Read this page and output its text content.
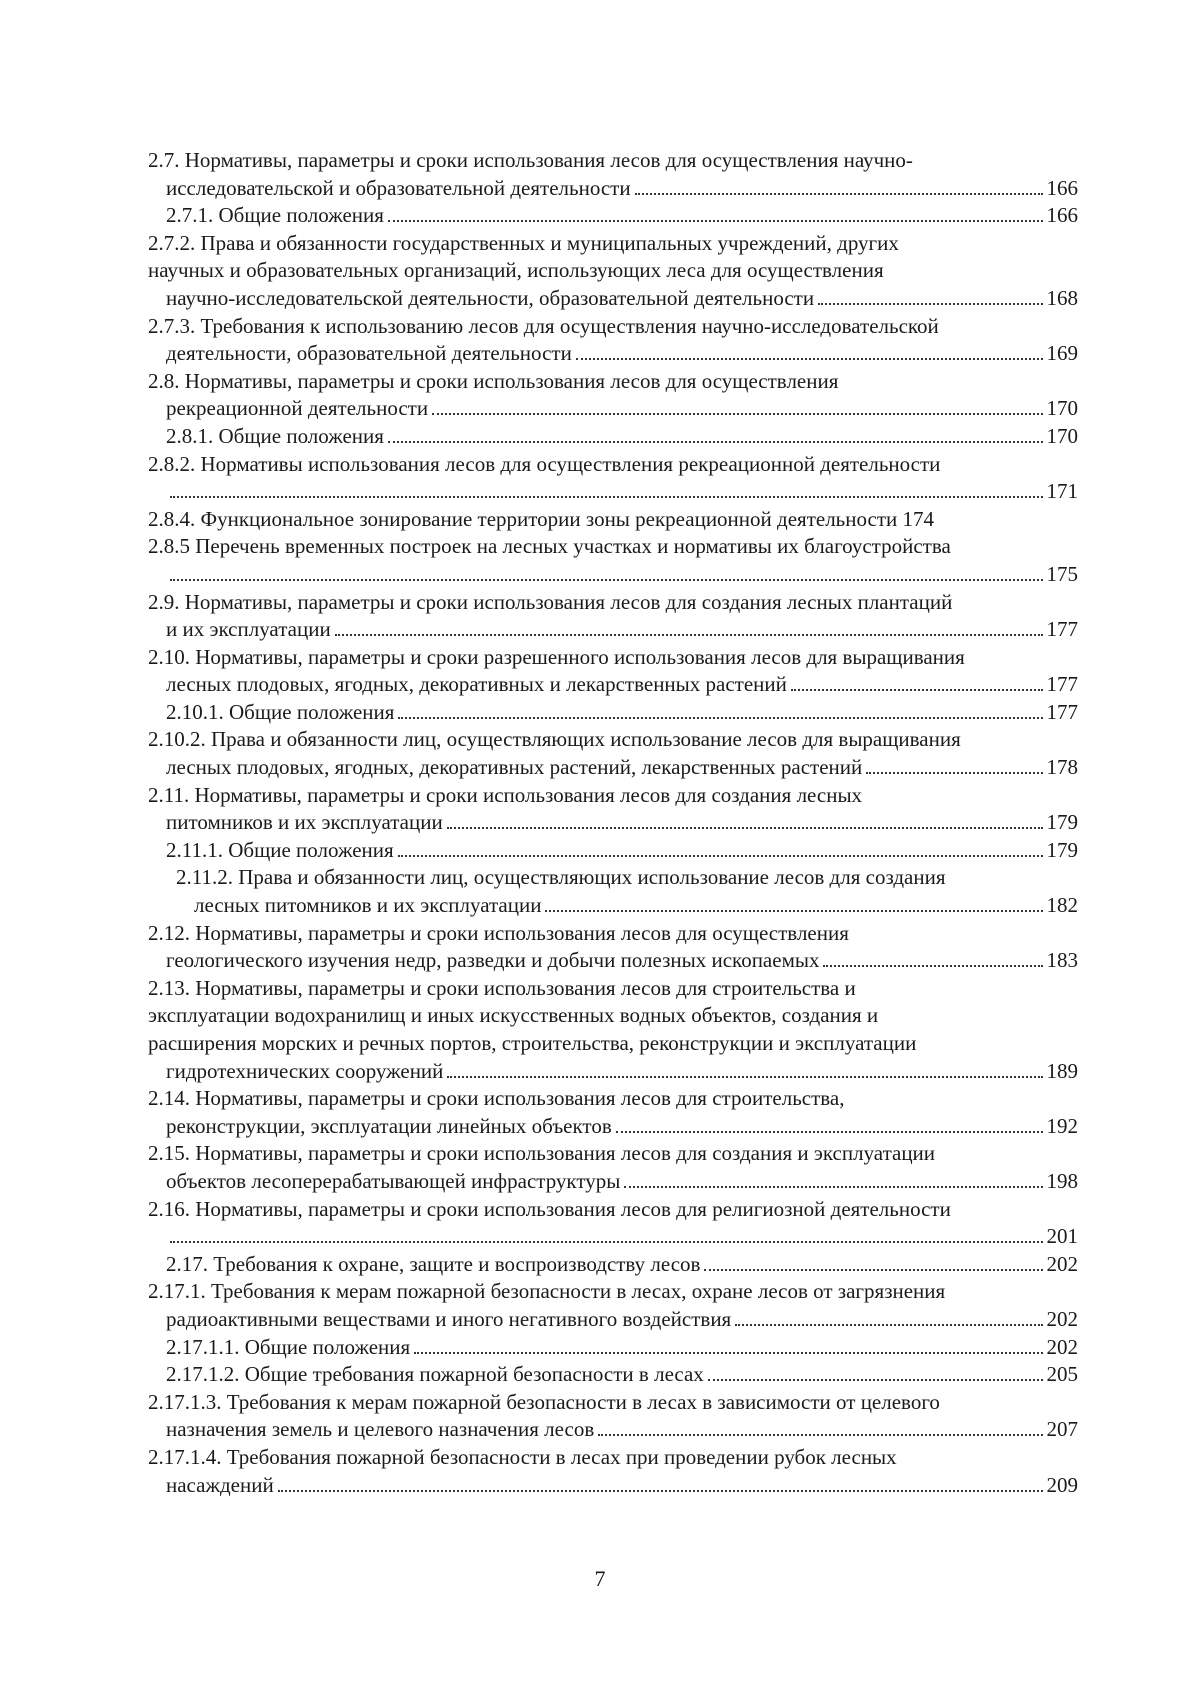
2.7. Нормативы, параметры и сроки использования лесов для осуществления научно-
исследовательской и образовательной деятельности	166
2.7.1. Общие положения	166
2.7.2. Права и обязанности государственных и муниципальных учреждений, других
научных и образовательных организаций, использующих леса для осуществления
научно-исследовательской деятельности, образовательной деятельности	168
2.7.3. Требования к использованию лесов для осуществления научно-исследовательской
деятельности, образовательной деятельности	169
2.8. Нормативы, параметры и сроки использования лесов для осуществления
рекреационной деятельности	170
2.8.1. Общие положения	170
2.8.2. Нормативы использования лесов для осуществления рекреационной деятельности
171
2.8.4. Функциональное зонирование территории зоны рекреационной деятельности 174
2.8.5 Перечень временных построек на лесных участках и нормативы их благоустройства
175
2.9. Нормативы, параметры и сроки использования лесов для создания лесных плантаций
и их эксплуатации	177
2.10. Нормативы, параметры и сроки разрешенного использования лесов для выращивания
лесных плодовых, ягодных, декоративных и лекарственных растений	177
2.10.1. Общие положения	177
2.10.2. Права и обязанности лиц, осуществляющих использование лесов для выращивания
лесных плодовых, ягодных, декоративных растений, лекарственных растений	178
2.11. Нормативы, параметры и сроки использования лесов для создания лесных
питомников и их эксплуатации	179
2.11.1. Общие положения	179
2.11.2. Права и обязанности лиц, осуществляющих использование лесов для создания
лесных питомников и их эксплуатации	182
2.12. Нормативы, параметры и сроки использования лесов для осуществления
геологического изучения недр, разведки и добычи полезных ископаемых	183
2.13. Нормативы, параметры и сроки использования лесов для строительства и
эксплуатации водохранилищ и иных искусственных водных объектов, создания и
расширения морских и речных портов, строительства, реконструкции и эксплуатации
гидротехнических сооружений	189
2.14. Нормативы, параметры и сроки использования лесов для строительства,
реконструкции, эксплуатации линейных объектов	192
2.15. Нормативы, параметры и сроки использования лесов для создания и эксплуатации
объектов лесоперерабатывающей инфраструктуры	198
2.16. Нормативы, параметры и сроки использования лесов для религиозной деятельности
201
2.17. Требования к охране, защите и воспроизводству лесов	202
2.17.1. Требования к мерам пожарной безопасности в лесах, охране лесов от загрязнения
радиоактивными веществами и иного негативного воздействия	202
2.17.1.1. Общие положения	202
2.17.1.2. Общие требования пожарной безопасности в лесах	205
2.17.1.3. Требования к мерам пожарной безопасности в лесах в зависимости от целевого
назначения земель и целевого назначения лесов	207
2.17.1.4. Требования пожарной безопасности в лесах при проведении рубок лесных
насаждений	209
7
